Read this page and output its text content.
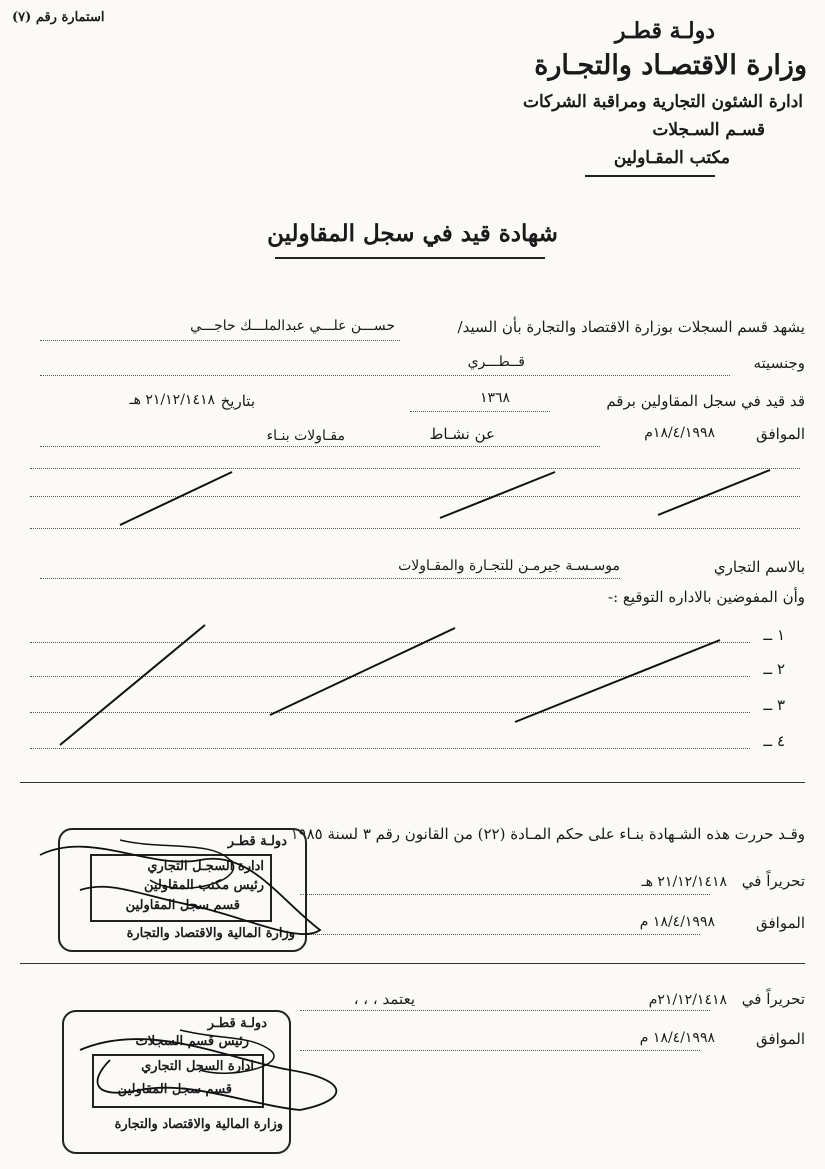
استمارة رقم (٧)
دولـة قطـر
وزارة الاقتصـاد والتجـارة
ادارة الشئون التجارية ومراقبة الشركات
قسـم السـجلات
مكتب المقـاولين
شهادة قيد في سجل المقاولين
يشهد قسم السجلات بوزارة الاقتصاد والتجارة بأن السيد/
حســـن علـــي عبدالملـــك حاجـــي
وجنسيته
قــطـــري
قد قيد في سجل المقاولين برقم
١٣٦٨
بتاريخ
٢١/١٢/١٤١٨ هـ
الموافق
١٨/٤/١٩٩٨م
عن نشـاط
مقـاولات بنـاء
بالاسم التجاري
موسـسـة جيرمـن للتجـارة والمقـاولات
وأن المفوضين بالاداره التوقيع :-
١ ــ
٢ ــ
٣ ــ
٤ ــ
وقـد حررت هذه الشـهادة بنـاء على حكم المـادة (٢٢) من القانون رقم ٣ لسنة ١٩٨٥
تحريراً في
٢١/١٢/١٤١٨ هـ
الموافق
١٨/٤/١٩٩٨ م
تحريراً في
٢١/١٢/١٤١٨م
يعتمد ، ، ،
الموافق
١٨/٤/١٩٩٨ م
دولـة قطـر
ادارة السجـل التجاري
رئيس مكتب المقاولين
قسم سجل المقاولين
وزارة المالية والاقتصاد والتجارة
دولـة قطـر
رئيس قسم السجلات
ادارة السجل التجاري
قسم سجل المقاولين
وزارة المالية والاقتصاد والتجارة
